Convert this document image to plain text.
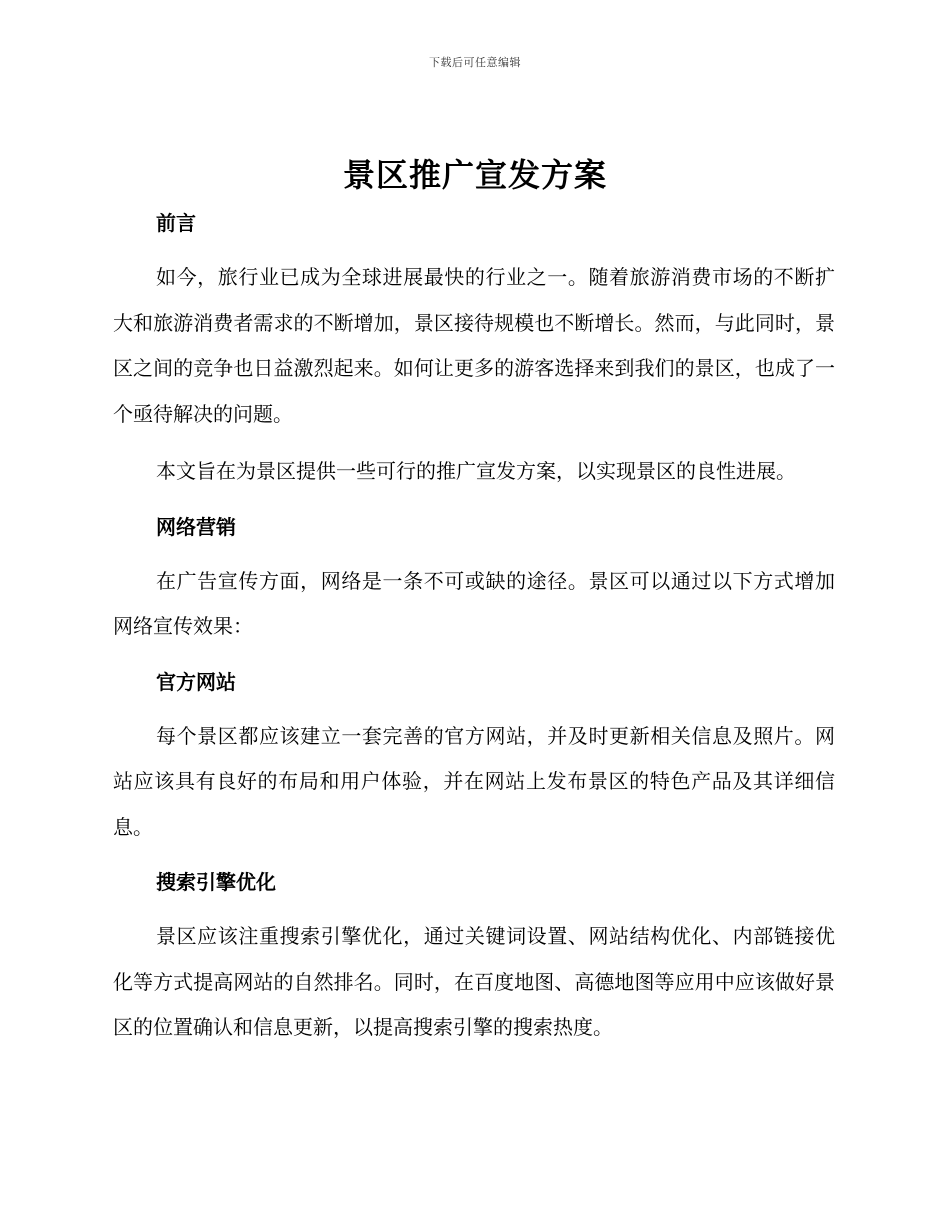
下载后可任意编辑
景区推广宣发方案

前言

如今，旅行业已成为全球进展最快的行业之一。随着旅游消费市场的不断扩大和旅游消费者需求的不断增加，景区接待规模也不断增长。然而，与此同时，景区之间的竞争也日益激烈起来。如何让更多的游客选择来到我们的景区，也成了一个亟待解决的问题。

本文旨在为景区提供一些可行的推广宣发方案，以实现景区的良性进展。

网络营销

在广告宣传方面，网络是一条不可或缺的途径。景区可以通过以下方式增加网络宣传效果：

官方网站

每个景区都应该建立一套完善的官方网站，并及时更新相关信息及照片。网站应该具有良好的布局和用户体验，并在网站上发布景区的特色产品及其详细信息。

搜索引擎优化

景区应该注重搜索引擎优化，通过关键词设置、网站结构优化、内部链接优化等方式提高网站的自然排名。同时，在百度地图、高德地图等应用中应该做好景区的位置确认和信息更新，以提高搜索引擎的搜索热度。
